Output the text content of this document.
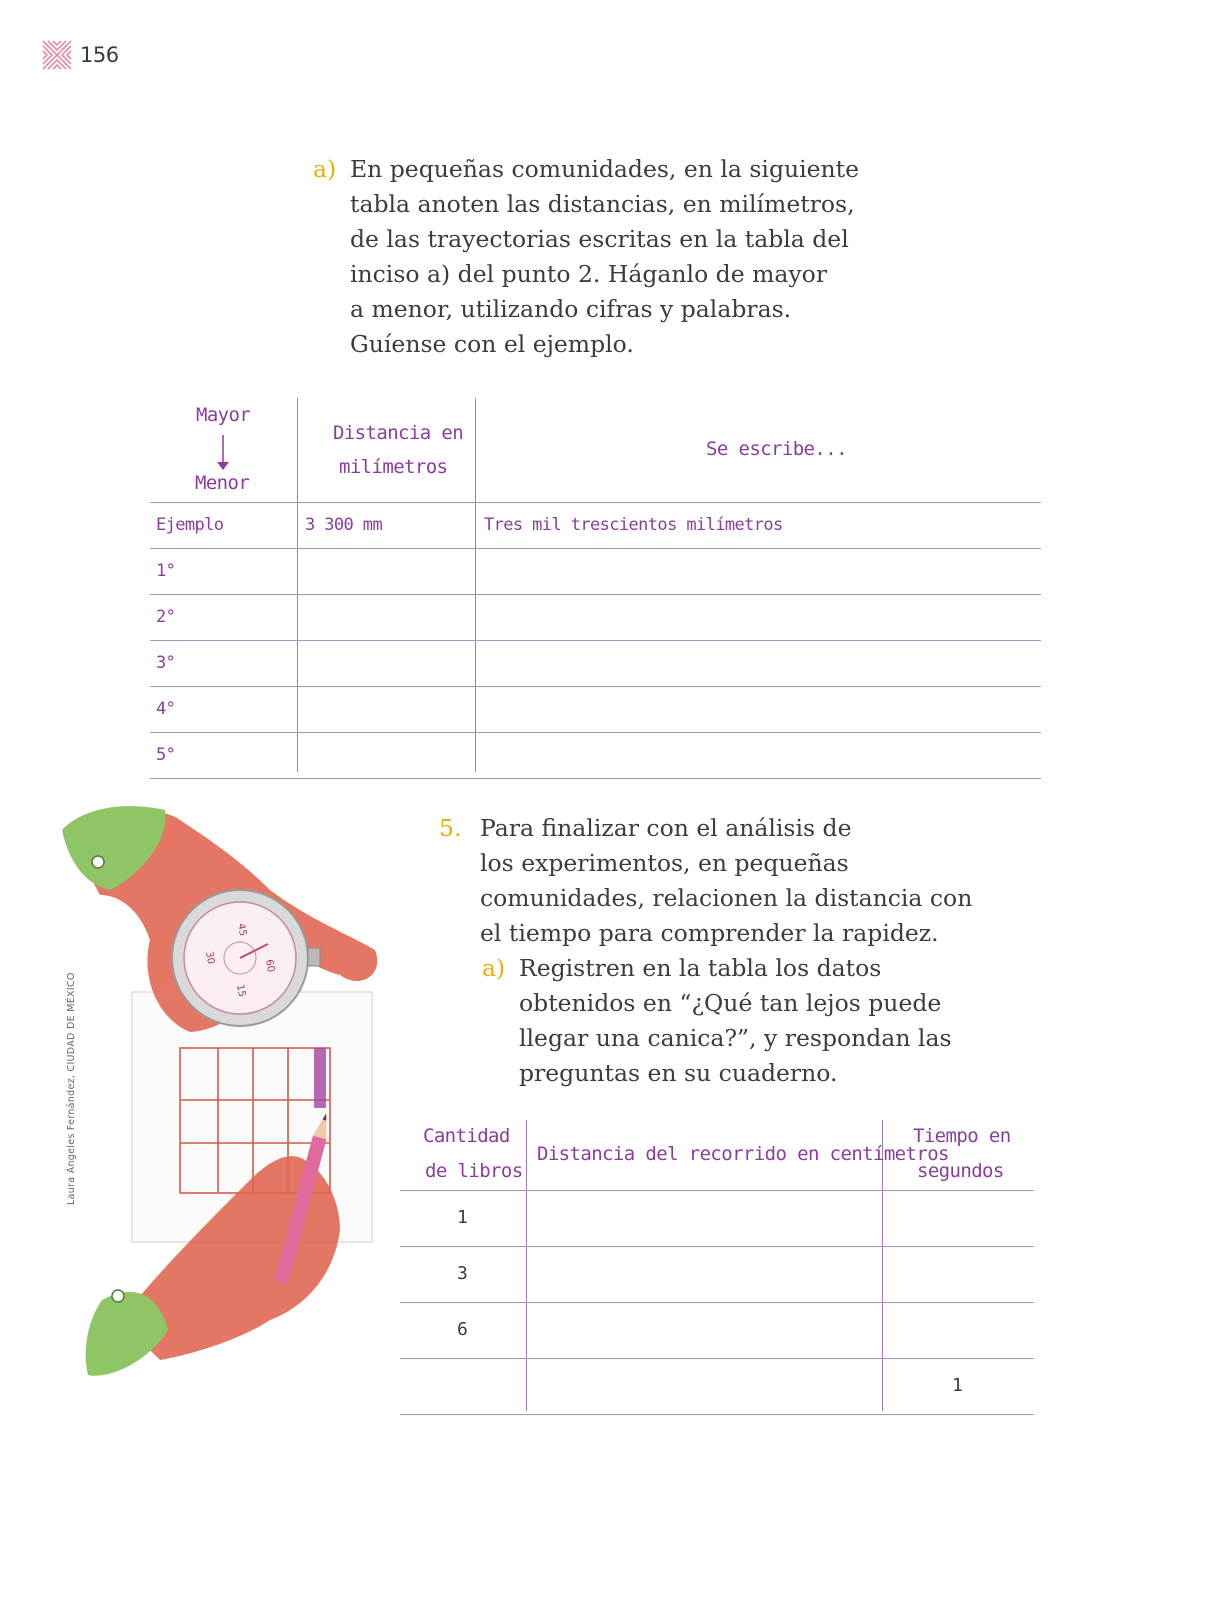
156
a) En pequeñas comunidades, en la siguiente
tabla anoten las distancias, en milímetros,
de las trayectorias escritas en la tabla del
inciso a) del punto 2. Háganlo de mayor
a menor, utilizando cifras y palabras.
Guíense con el ejemplo.
Mayor
Menor
Distancia en
milímetros
Se escribe...
Ejemplo	3 300 mm	Tres mil trescientos milímetros
1°
2°
3°
4°
5°
45
60
15
30
Laura Ángeles Fernández, CIUDAD DE MÉXICO
5. Para finalizar con el análisis de
los experimentos, en pequeñas
comunidades, relacionen la distancia con
el tiempo para comprender la rapidez.
a) Registren en la tabla los datos
obtenidos en “¿Qué tan lejos puede
llegar una canica?”, y respondan las
preguntas en su cuaderno.
Cantidad
de libros
Distancia del recorrido en centímetros
Tiempo en
segundos
1
3
6
1
